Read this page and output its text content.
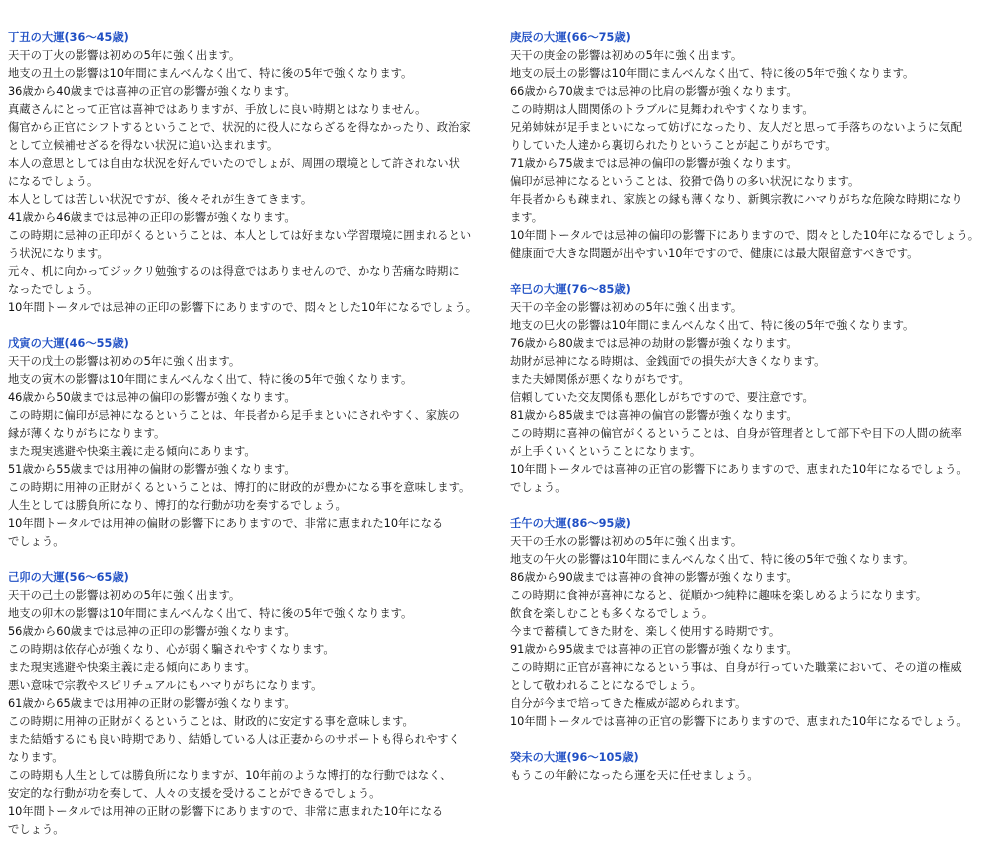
丁丑の大運(36〜45歳)
天干の丁火の影響は初めの5年に強く出ます。
地支の丑土の影響は10年間にまんべんなく出て、特に後の5年で強くなります。
36歳から40歳までは喜神の正官の影響が強くなります。
真蔵さんにとって正官は喜神ではありますが、手放しに良い時期とはなりません。
傷官から正官にシフトするということで、状況的に役人にならざるを得なかったり、政治家
として立候補せざるを得ない状況に追い込まれます。
本人の意思としては自由な状況を好んでいたのでしょが、周囲の環境として許されない状
になるでしょう。
本人としては苦しい状況ですが、後々それが生きてきます。
41歳から46歳までは忌神の正印の影響が強くなります。
この時期に忌神の正印がくるということは、本人としては好まない学習環境に囲まれるとい
う状況になります。
元々、机に向かってジックリ勉強するのは得意ではありませんので、かなり苦痛な時期に
なったでしょう。
10年間トータルでは忌神の正印の影響下にありますので、悶々とした10年になるでしょう。
戊寅の大運(46〜55歳)
天干の戊土の影響は初めの5年に強く出ます。
地支の寅木の影響は10年間にまんべんなく出て、特に後の5年で強くなります。
46歳から50歳までは忌神の偏印の影響が強くなります。
この時期に偏印が忌神になるということは、年長者から足手まといにされやすく、家族の
縁が薄くなりがちになります。
また現実逃避や快楽主義に走る傾向にあります。
51歳から55歳までは用神の偏財の影響が強くなります。
この時期に用神の正財がくるということは、博打的に財政的が豊かになる事を意味します。
人生としては勝負所になり、博打的な行動が功を奏するでしょう。
10年間トータルでは用神の偏財の影響下にありますので、非常に恵まれた10年になる
でしょう。
己卯の大運(56〜65歳)
天干の己土の影響は初めの5年に強く出ます。
地支の卯木の影響は10年間にまんべんなく出て、特に後の5年で強くなります。
56歳から60歳までは忌神の正印の影響が強くなります。
この時期は依存心が強くなり、心が弱く騙されやすくなります。
また現実逃避や快楽主義に走る傾向にあります。
悪い意味で宗教やスピリチュアルにもハマりがちになります。
61歳から65歳までは用神の正財の影響が強くなります。
この時期に用神の正財がくるということは、財政的に安定する事を意味します。
また結婚するにも良い時期であり、結婚している人は正妻からのサポートも得られやすく
なります。
この時期も人生としては勝負所になりますが、10年前のような博打的な行動ではなく、
安定的な行動が功を奏して、人々の支援を受けることができるでしょう。
10年間トータルでは用神の正財の影響下にありますので、非常に恵まれた10年になる
でしょう。
庚辰の大運(66〜75歳)
天干の庚金の影響は初めの5年に強く出ます。
地支の辰土の影響は10年間にまんべんなく出て、特に後の5年で強くなります。
66歳から70歳までは忌神の比肩の影響が強くなります。
この時期は人間関係のトラブルに見舞われやすくなります。
兄弟姉妹が足手まといになって妨げになったり、友人だと思って手落ちのないように気配
りしていた人達から裏切られたりということが起こりがちです。
71歳から75歳までは忌神の偏印の影響が強くなります。
偏印が忌神になるということは、狡猾で偽りの多い状況になります。
年長者からも疎まれ、家族との縁も薄くなり、新興宗教にハマりがちな危険な時期になり
ます。
10年間トータルでは忌神の偏印の影響下にありますので、悶々とした10年になるでしょう。
健康面で大きな問題が出やすい10年ですので、健康には最大限留意すべきです。
辛巳の大運(76〜85歳)
天干の辛金の影響は初めの5年に強く出ます。
地支の巳火の影響は10年間にまんべんなく出て、特に後の5年で強くなります。
76歳から80歳までは忌神の劫財の影響が強くなります。
劫財が忌神になる時期は、金銭面での損失が大きくなります。
また夫婦関係が悪くなりがちです。
信頼していた交友関係も悪化しがちですので、要注意です。
81歳から85歳までは喜神の偏官の影響が強くなります。
この時期に喜神の偏官がくるということは、自身が管理者として部下や目下の人間の統率
が上手くいくということになります。
10年間トータルでは喜神の正官の影響下にありますので、恵まれた10年になるでしょう。
でしょう。
壬午の大運(86〜95歳)
天干の壬水の影響は初めの5年に強く出ます。
地支の午火の影響は10年間にまんべんなく出て、特に後の5年で強くなります。
86歳から90歳までは喜神の食神の影響が強くなります。
この時期に食神が喜神になると、従順かつ純粋に趣味を楽しめるようになります。
飲食を楽しむことも多くなるでしょう。
今まで蓄積してきた財を、楽しく使用する時期です。
91歳から95歳までは喜神の正官の影響が強くなります。
この時期に正官が喜神になるという事は、自身が行っていた職業において、その道の権威
として敬われることになるでしょう。
自分が今まで培ってきた権威が認められます。
10年間トータルでは喜神の正官の影響下にありますので、恵まれた10年になるでしょう。
癸未の大運(96〜105歳)
もうこの年齢になったら運を天に任せましょう。
